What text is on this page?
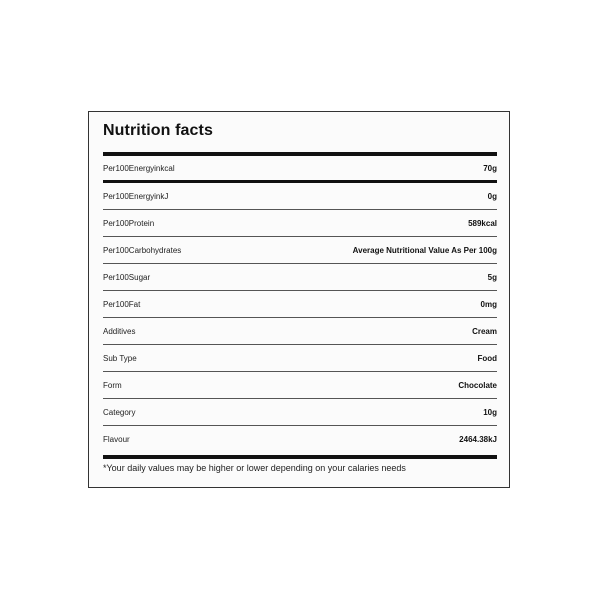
Nutrition facts
Per100Energyinkcal	70g
Per100EnergyinkJ	0g
Per100Protein	589kcal
Per100Carbohydrates	Average Nutritional Value As Per 100g
Per100Sugar	5g
Per100Fat	0mg
Additives	Cream
Sub Type	Food
Form	Chocolate
Category	10g
Flavour	2464.38kJ

*Your daily values may be higher or lower depending on your calaries needs
